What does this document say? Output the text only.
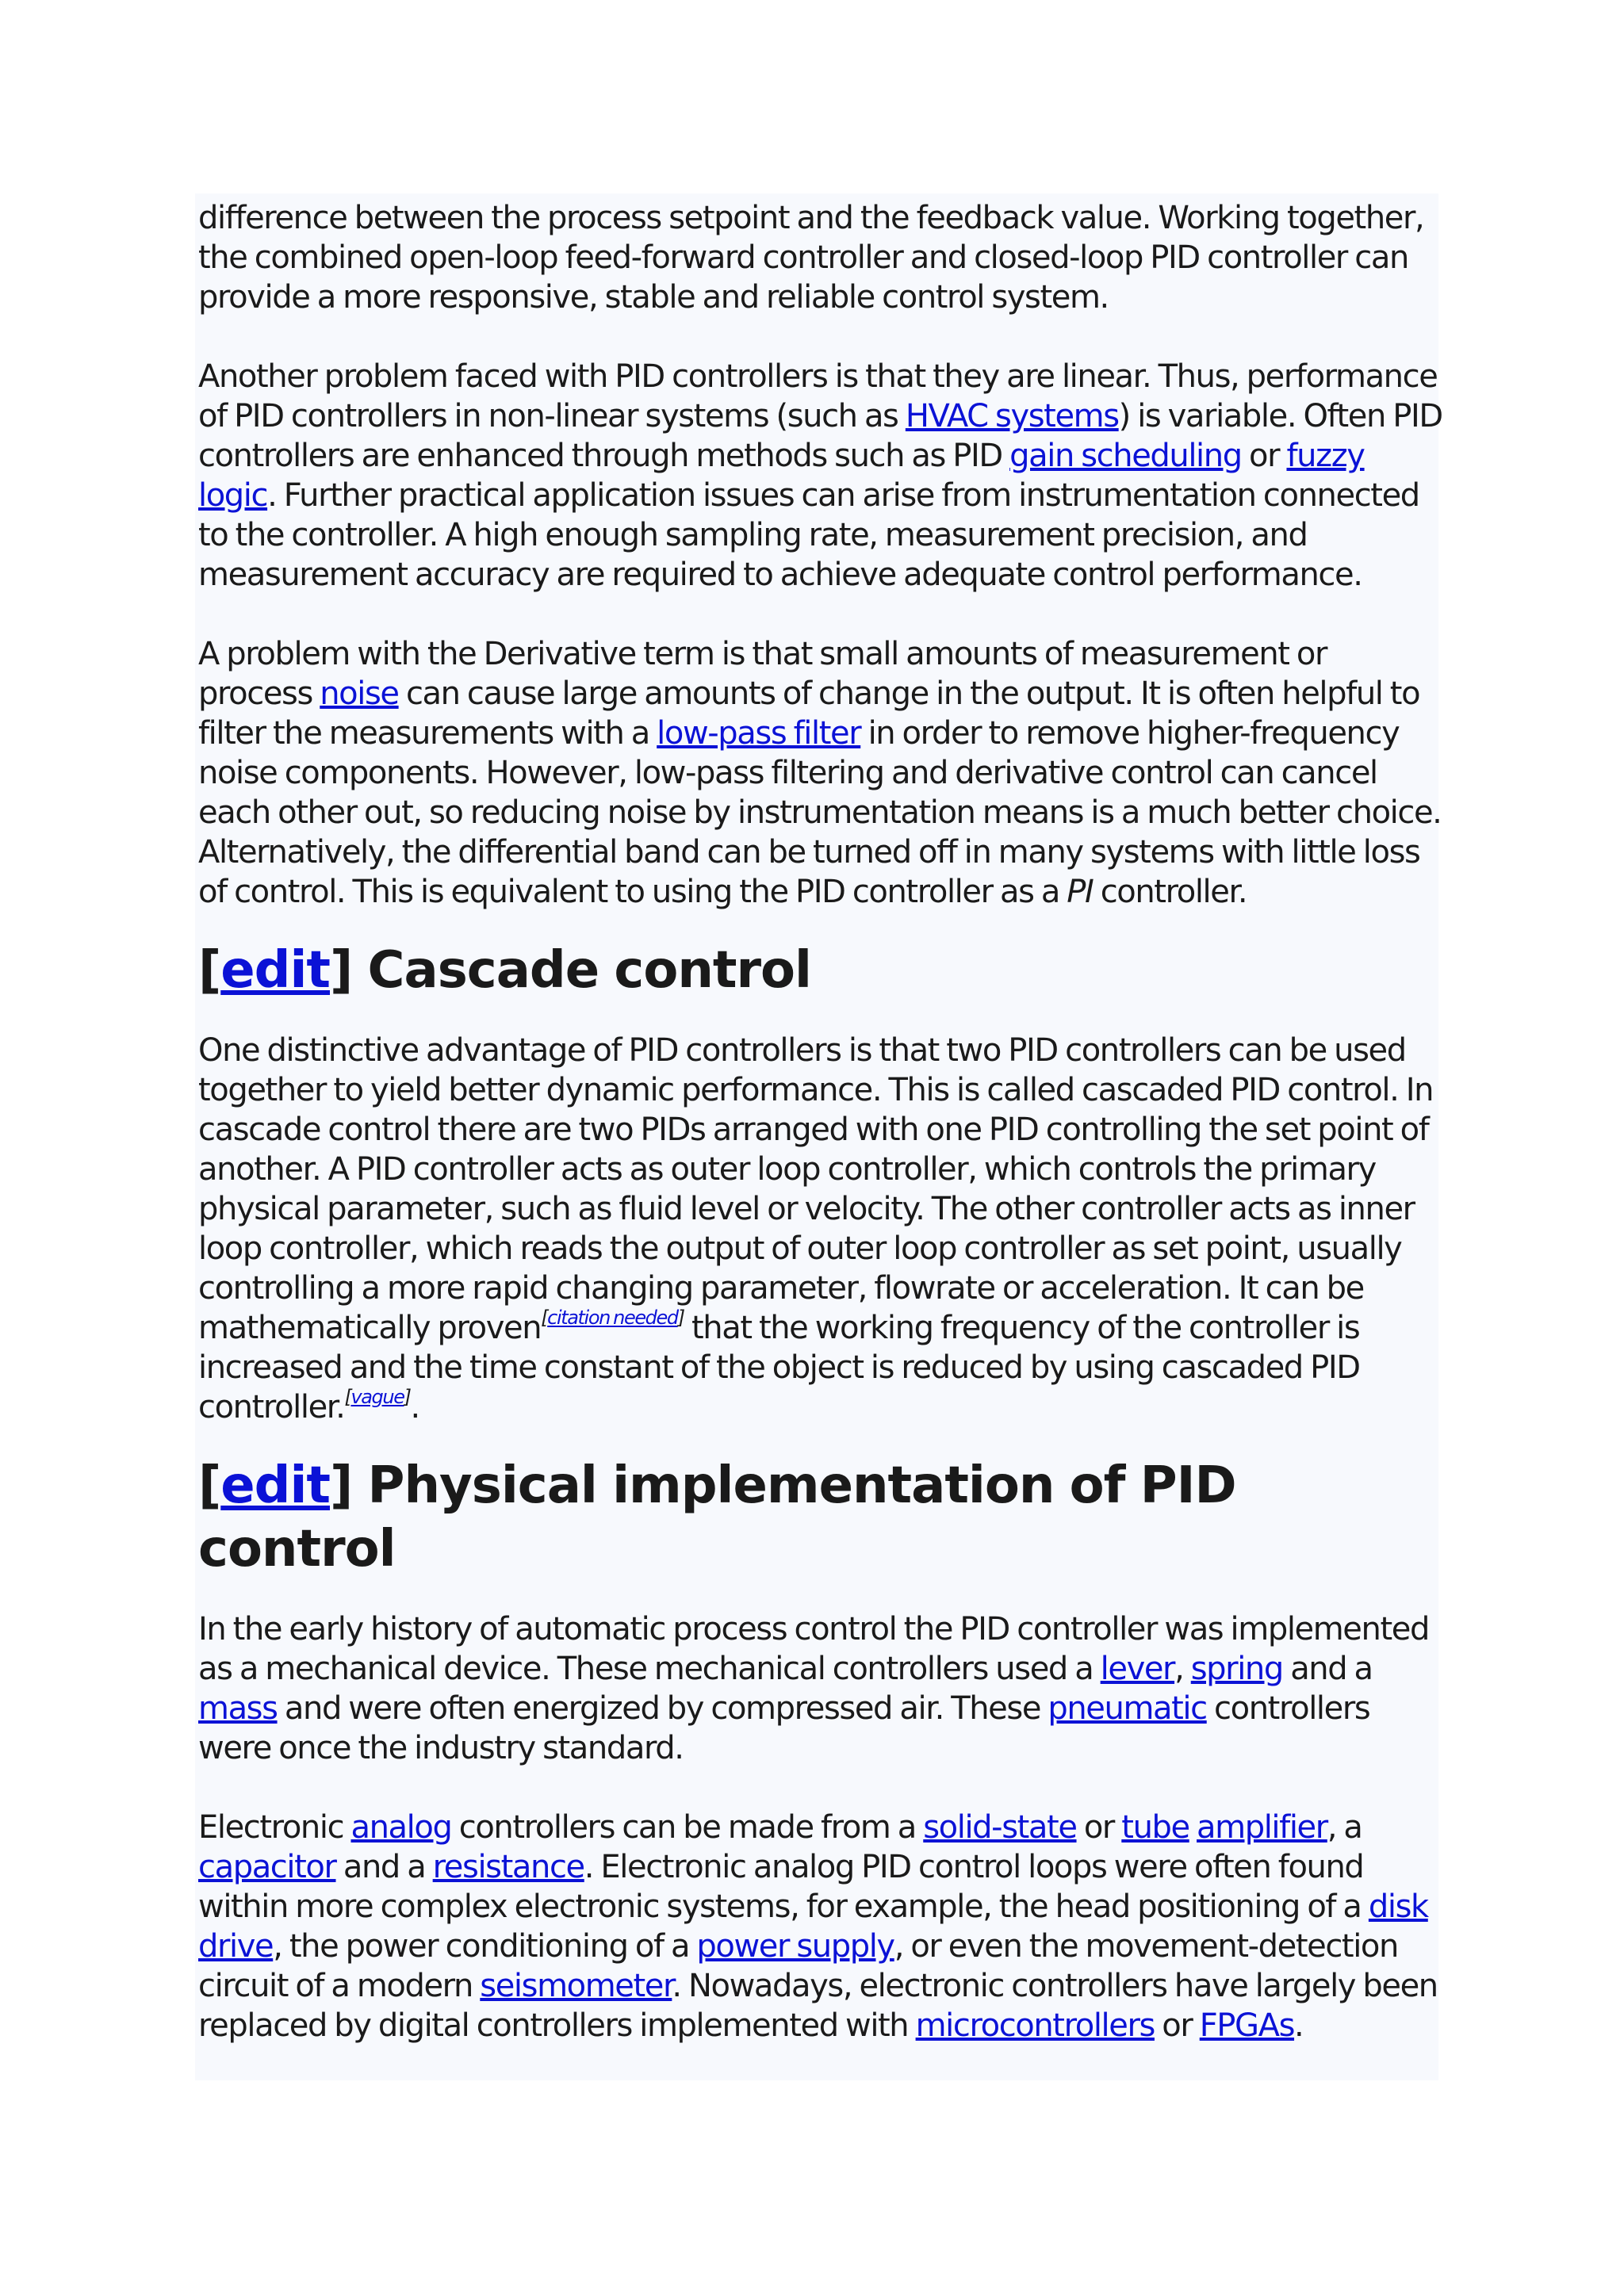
difference between the process setpoint and the feedback value. Working together, the combined open-loop feed-forward controller and closed-loop PID controller can provide a more responsive, stable and reliable control system.

Another problem faced with PID controllers is that they are linear. Thus, performance of PID controllers in non-linear systems (such as HVAC systems) is variable. Often PID controllers are enhanced through methods such as PID gain scheduling or fuzzy logic. Further practical application issues can arise from instrumentation connected to the controller. A high enough sampling rate, measurement precision, and measurement accuracy are required to achieve adequate control performance.

A problem with the Derivative term is that small amounts of measurement or process noise can cause large amounts of change in the output. It is often helpful to filter the measurements with a low-pass filter in order to remove higher-frequency noise components. However, low-pass filtering and derivative control can cancel each other out, so reducing noise by instrumentation means is a much better choice. Alternatively, the differential band can be turned off in many systems with little loss of control. This is equivalent to using the PID controller as a PI controller.

[edit] Cascade control

One distinctive advantage of PID controllers is that two PID controllers can be used together to yield better dynamic performance. This is called cascaded PID control. In cascade control there are two PIDs arranged with one PID controlling the set point of another. A PID controller acts as outer loop controller, which controls the primary physical parameter, such as fluid level or velocity. The other controller acts as inner loop controller, which reads the output of outer loop controller as set point, usually controlling a more rapid changing parameter, flowrate or acceleration. It can be mathematically proven[citation needed] that the working frequency of the controller is increased and the time constant of the object is reduced by using cascaded PID controller.[vague].

[edit] Physical implementation of PID control

In the early history of automatic process control the PID controller was implemented as a mechanical device. These mechanical controllers used a lever, spring and a mass and were often energized by compressed air. These pneumatic controllers were once the industry standard.

Electronic analog controllers can be made from a solid-state or tube amplifier, a capacitor and a resistance. Electronic analog PID control loops were often found within more complex electronic systems, for example, the head positioning of a disk drive, the power conditioning of a power supply, or even the movement-detection circuit of a modern seismometer. Nowadays, electronic controllers have largely been replaced by digital controllers implemented with microcontrollers or FPGAs.
